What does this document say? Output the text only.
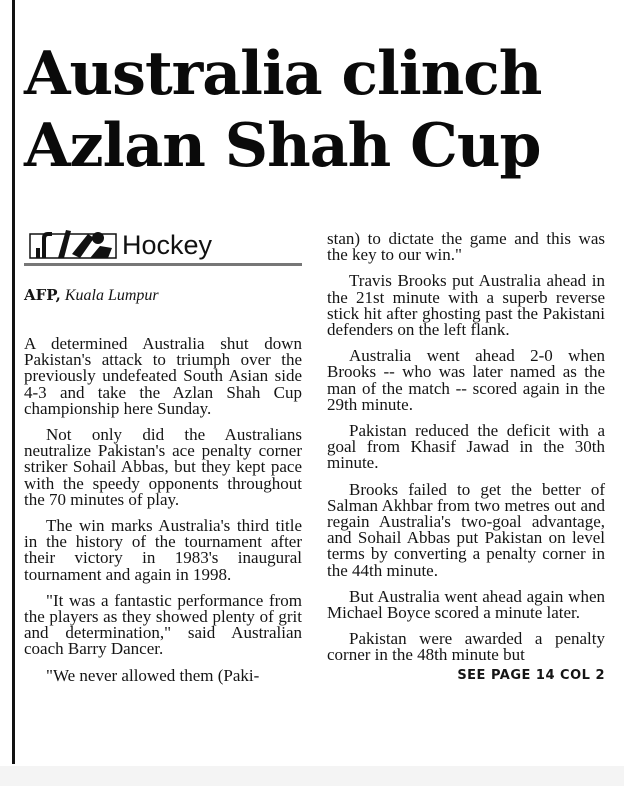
Australia clinch
Azlan Shah Cup
Hockey
AFP, Kuala Lumpur

A determined Australia shut down Pakistan's attack to triumph over the previously undefeated South Asian side 4-3 and take the Azlan Shah Cup championship here Sunday.

Not only did the Australians neutralize Pakistan's ace penalty corner striker Sohail Abbas, but they kept pace with the speedy opponents throughout the 70 minutes of play.

The win marks Australia's third title in the history of the tournament after their victory in 1983's inaugural tournament and again in 1998.

"It was a fantastic performance from the players as they showed plenty of grit and determination," said Australian coach Barry Dancer.

"We never allowed them (Paki-

stan) to dictate the game and this was the key to our win."

Travis Brooks put Australia ahead in the 21st minute with a superb reverse stick hit after ghosting past the Pakistani defenders on the left flank.

Australia went ahead 2-0 when Brooks -- who was later named as the man of the match -- scored again in the 29th minute.

Pakistan reduced the deficit with a goal from Khasif Jawad in the 30th minute.

Brooks failed to get the better of Salman Akhbar from two metres out and regain Australia's two-goal advantage, and Sohail Abbas put Pakistan on level terms by converting a penalty corner in the 44th minute.

But Australia went ahead again when Michael Boyce scored a minute later.

Pakistan were awarded a penalty corner in the 48th minute but

SEE PAGE 14 COL 2
